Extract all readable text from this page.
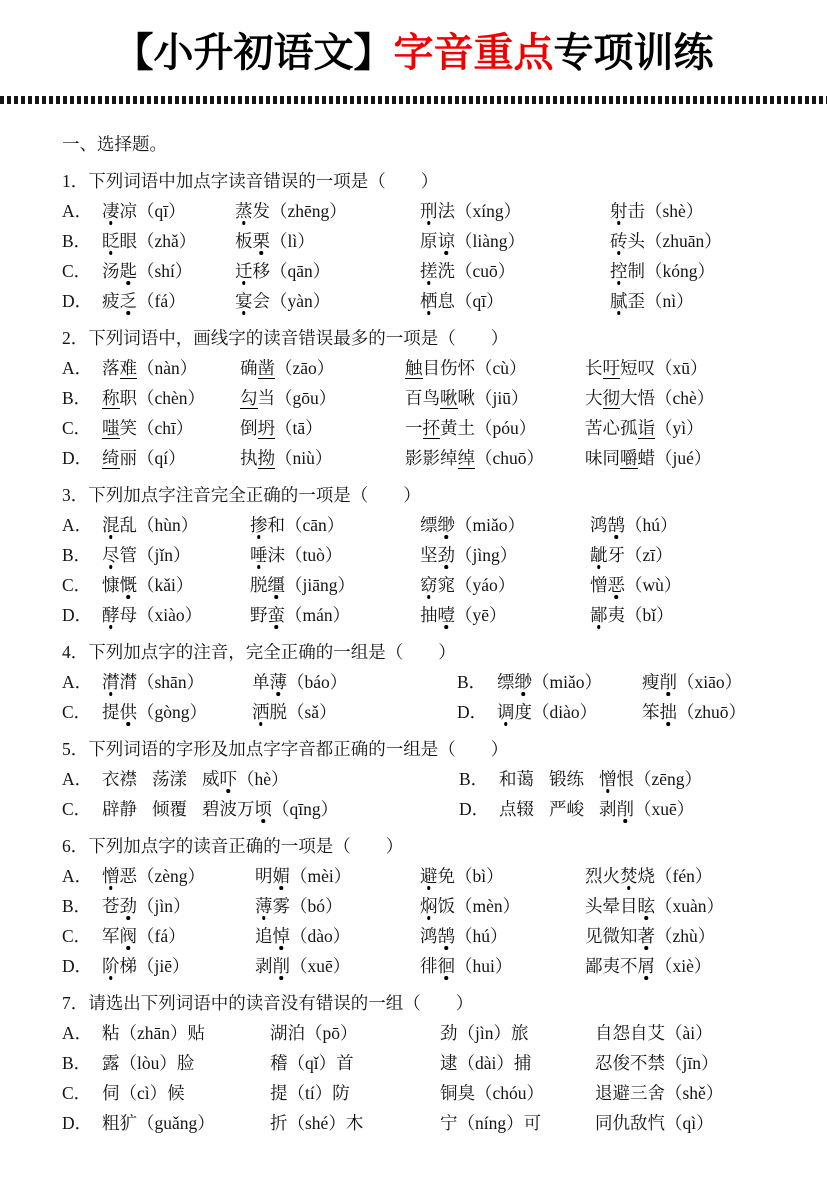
【小升初语文】字音重点专项训练
一、选择题。
1．下列词语中加点字读音错误的一项是（　　）
A． 凄凉（qī）	蒸发（zhēng）	刑法（xíng）	射击（shè）
B． 眨眼（zhǎ）	板栗（lì）	原谅（liàng）	砖头（zhuān）
C． 汤匙（shí）	迁移（qān）	搓洗（cuō）	控制（kóng）
D． 疲乏（fá）	宴会（yàn）	栖息（qī）	腻歪（nì）
2．下列词语中，画线字的读音错误最多的一项是（　　）
A． 落难（nàn）	确凿（zāo）	触目伤怀（cù）	长吁短叹（xū）
B． 称职（chèn）	勾当（gōu）	百鸟啾啾（jiū）	大彻大悟（chè）
C． 嗤笑（chī）	倒坍（tā）	一抔黄土（póu）	苦心孤诣（yì）
D． 绮丽（qí）	执拗（niù）	影影绰绰（chuō）	味同嚼蜡（jué）
3．下列加点字注音完全正确的一项是（　　）
A． 混乱（hùn）	掺和（cān）	缥缈（miǎo）	鸿鹄（hú）
B． 尽管（jǐn）	唾沫（tuò）	坚劲（jìng）	龇牙（zī）
C． 慷慨（kǎi）	脱缰（jiāng）	窈窕（yáo）	憎恶（wù）
D． 酵母（xiào）	野蛮（mán）	抽噎（yē）	鄙夷（bǐ）
4．下列加点字的注音，完全正确的一组是（　　）
A． 潸潸（shān）	单薄（báo）	B． 缥缈（miǎo）	瘦削（xiāo）
C． 提供（gòng）	洒脱（sǎ）	D． 调度（diào）	笨拙（zhuō）
5．下列词语的字形及加点字字音都正确的一组是（　　）
A． 衣襟 荡漾 威吓（hè）	B． 和蔼 锻练 憎恨（zēng）
C． 辟静 倾覆 碧波万顷（qīng）	D． 点辍 严峻 剥削（xuē）
6．下列加点字的读音正确的一项是（　　）
A． 憎恶（zèng）	明媚（mèi）	避免（bì）	烈火焚烧（fén）
B． 苍劲（jìn）	薄雾（bó）	焖饭（mèn）	头晕目眩（xuàn）
C． 军阀（fá）	追悼（dào）	鸿鹄（hú）	见微知著（zhù）
D． 阶梯（jiē）	剥削（xuē）	徘徊（hui）	鄙夷不屑（xiè）
7．请选出下列词语中的读音没有错误的一组（　　）
A． 粘（zhān）贴	湖泊（pō）	劲（jìn）旅	自怨自艾（ài）
B． 露（lòu）脸	稽（qǐ）首	逮（dài）捕	忍俊不禁（jīn）
C． 伺（cì）候	提（tí）防	铜臭（chóu）	退避三舍（shě）
D． 粗犷（guǎng）	折（shé）木	宁（níng）可	同仇敌忾（qì）
